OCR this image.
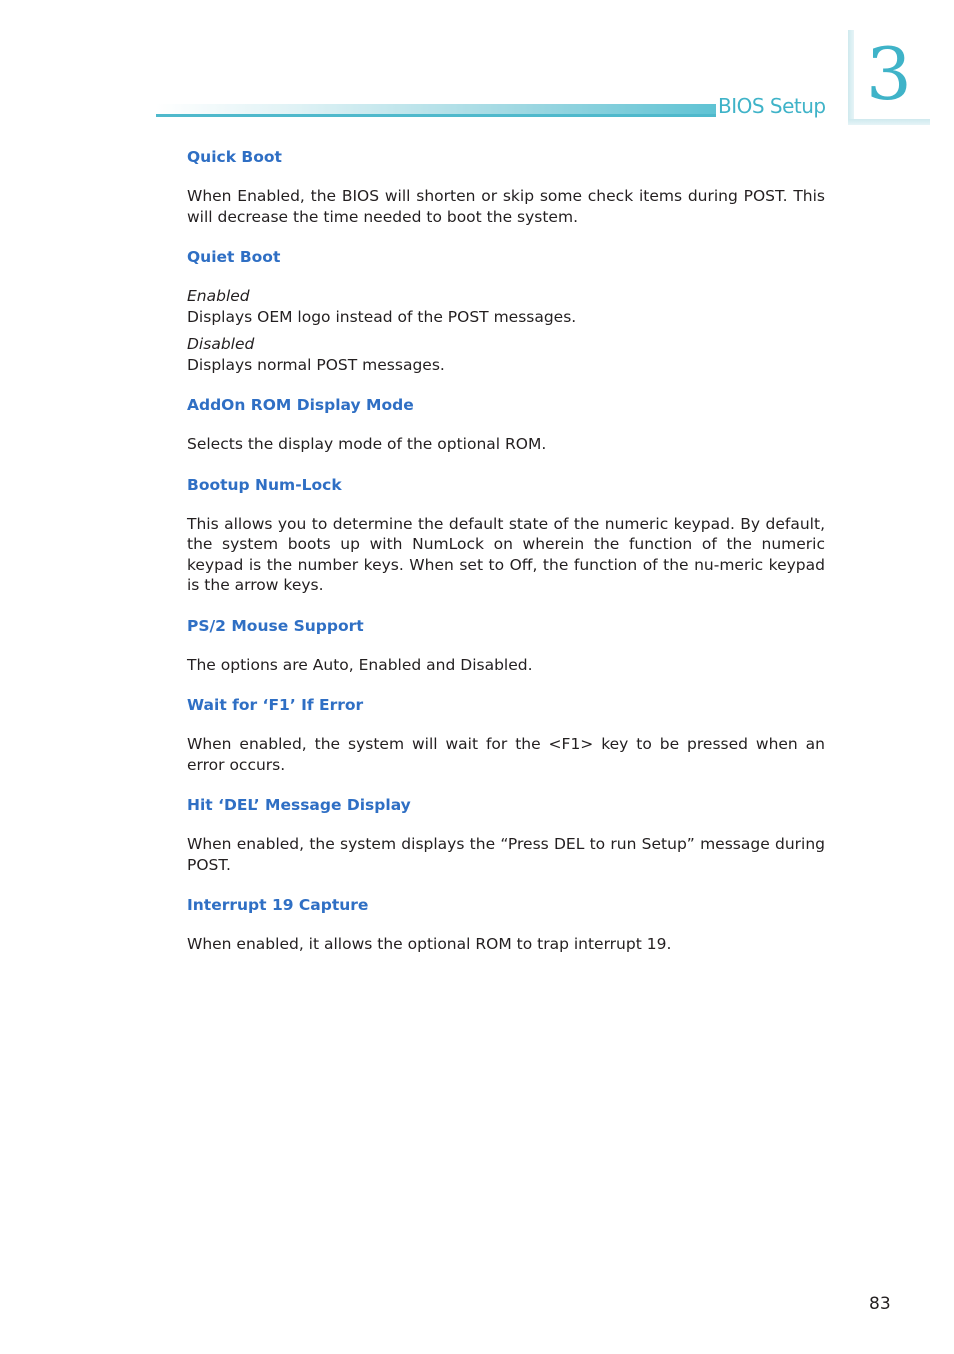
BIOS Setup 3
Quick Boot

When Enabled, the BIOS will shorten or skip some check items during POST. This will decrease the time needed to boot the system.

Quiet Boot

Enabled

Displays OEM logo instead of the POST messages.

Disabled

Displays normal POST messages.

AddOn ROM Display Mode

Selects the display mode of the optional ROM.

Bootup Num-Lock

This allows you to determine the default state of the numeric keypad. By default, the system boots up with NumLock on wherein the function of the numeric keypad is the number keys. When set to Off, the function of the nu-meric keypad is the arrow keys.

PS/2 Mouse Support

The options are Auto, Enabled and Disabled.

Wait for ‘F1’ If Error

When enabled, the system will wait for the <F1> key to be pressed when an error occurs.

Hit ‘DEL’ Message Display

When enabled, the system displays the “Press DEL to run Setup” message during POST.

Interrupt 19 Capture

When enabled, it allows the optional ROM to trap interrupt 19.

83
